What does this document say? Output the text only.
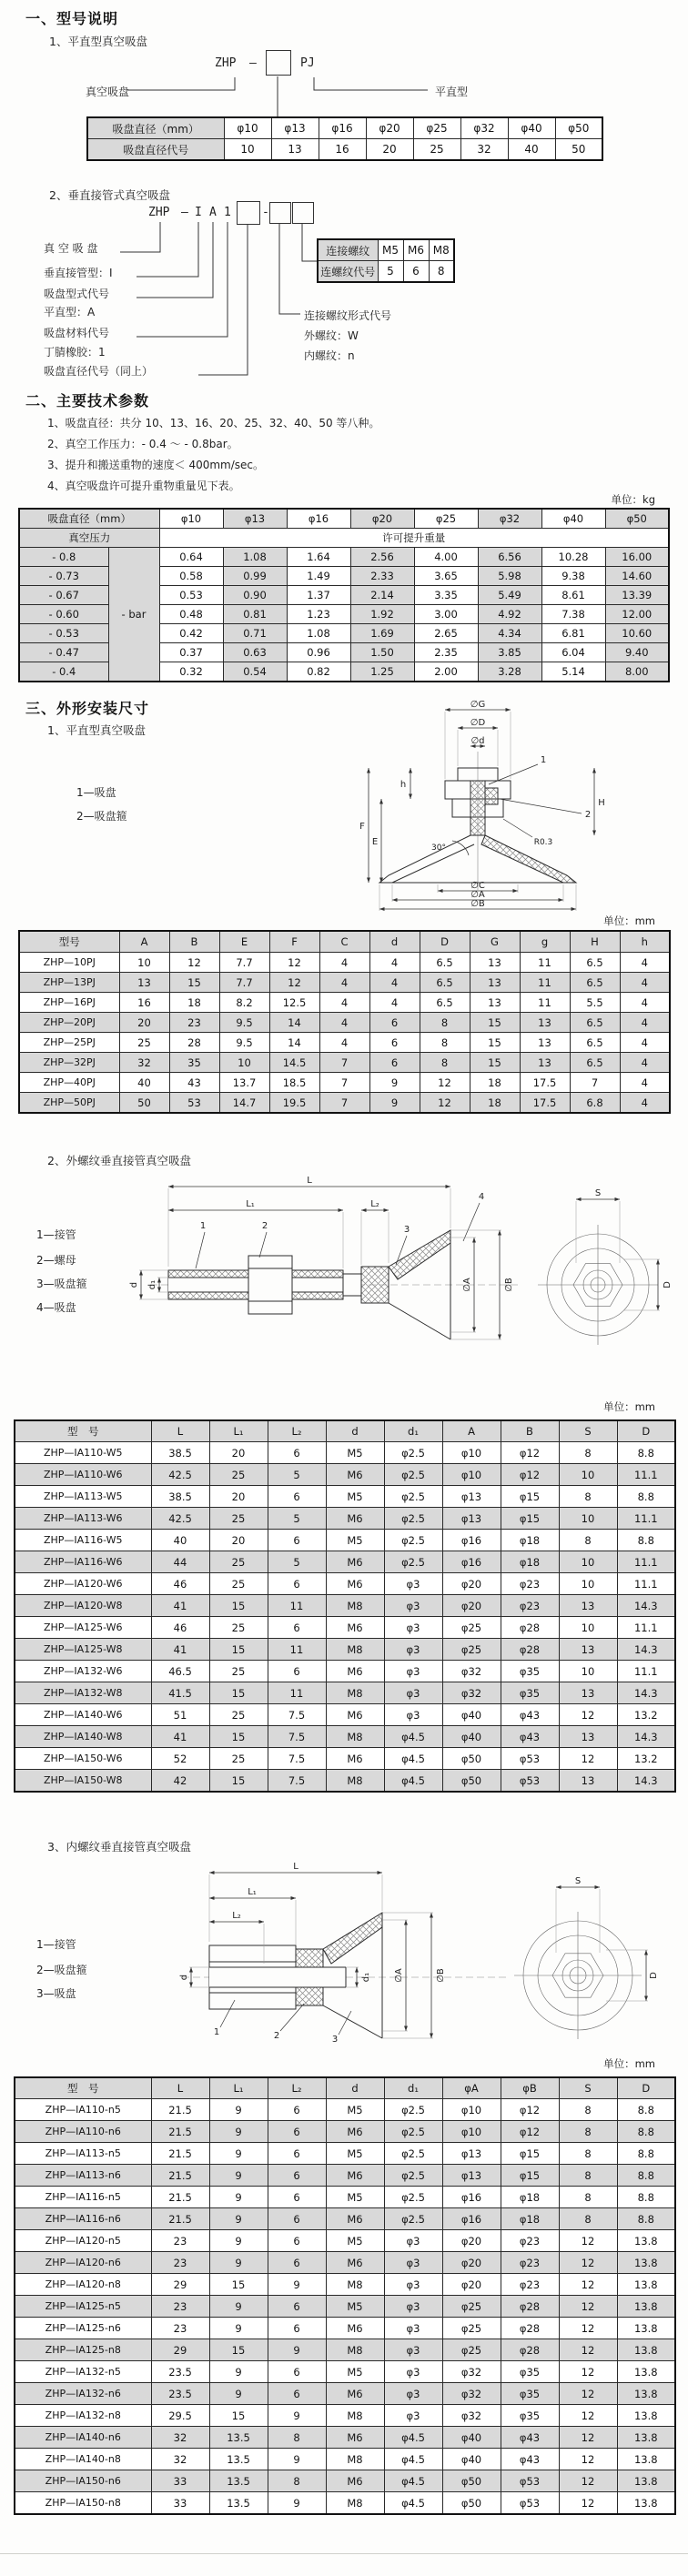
一、型号说明
1、平直型真空吸盘
ZHP —	PJ
真空吸盘	平直型
吸盘直径（mm）	φ10	φ13	φ16	φ20	φ25	φ32	φ40	φ50
吸盘直径代号	10	13	16	20	25	32	40	50
2、垂直接管式真空吸盘
ZHP — I A 1	-
真 空 吸 盘
垂直接管型：I
吸盘型式代号
平直型：A
吸盘材料代号
丁腈橡胶：1
吸盘直径代号（同上）
连接螺纹	M5	M6	M8
连螺纹代号	5	6	8
连接螺纹形式代号
外螺纹：W
内螺纹：n
二、主要技术参数
1、吸盘直径：共分 10、13、16、20、25、32、40、50 等八种。
2、真空工作压力：- 0.4 ～ - 0.8bar。
3、提升和搬送重物的速度＜ 400mm/sec。
4、真空吸盘许可提升重物重量见下表。
单位：kg
吸盘直径（mm）		φ10	φ13	φ16	φ20	φ25	φ32	φ40	φ50
真空压力		许可提升重量							
- 0.8	- bar	0.64	1.08	1.64	2.56	4.00	6.56	10.28	16.00
- 0.73		0.58	0.99	1.49	2.33	3.65	5.98	9.38	14.60
- 0.67		0.53	0.90	1.37	2.14	3.35	5.49	8.61	13.39
- 0.60		0.48	0.81	1.23	1.92	3.00	4.92	7.38	12.00
- 0.53		0.42	0.71	1.08	1.69	2.65	4.34	6.81	10.60
- 0.47		0.37	0.63	0.96	1.50	2.35	3.85	6.04	9.40
- 0.4		0.32	0.54	0.82	1.25	2.00	3.28	5.14	8.00
三、外形安装尺寸
1、平直型真空吸盘
1—吸盘
2—吸盘箍
∅G
∅D
∅d
1
2
R0.3
30°
h
F
E
H
∅C
∅A
∅B
单位：mm
型号	A	B	E	F	C	d	D	G	g	H	h
ZHP—10PJ	10	12	7.7	12	4	4	6.5	13	11	6.5	4
ZHP—13PJ	13	15	7.7	12	4	4	6.5	13	11	6.5	4
ZHP—16PJ	16	18	8.2	12.5	4	4	6.5	13	11	5.5	4
ZHP—20PJ	20	23	9.5	14	4	6	8	15	13	6.5	4
ZHP—25PJ	25	28	9.5	14	4	6	8	15	13	6.5	4
ZHP—32PJ	32	35	10	14.5	7	6	8	15	13	6.5	4
ZHP—40PJ	40	43	13.7	18.5	7	9	12	18	17.5	7	4
ZHP—50PJ	50	53	14.7	19.5	7	9	12	18	17.5	6.8	4
2、外螺纹垂直接管真空吸盘
1—接管
2—螺母
3—吸盘箍
4—吸盘
L
L₁	L₂
1	2	3
4
d d₁	∅A	∅B
S
D
单位：mm
型　号	L	L₁	L₂	d	d₁	A	B	S	D
ZHP—IA110-W5	38.5	20	6	M5	φ2.5	φ10	φ12	8	8.8
ZHP—IA110-W6	42.5	25	5	M6	φ2.5	φ10	φ12	10	11.1
ZHP—IA113-W5	38.5	20	6	M5	φ2.5	φ13	φ15	8	8.8
ZHP—IA113-W6	42.5	25	5	M6	φ2.5	φ13	φ15	10	11.1
ZHP—IA116-W5	40	20	6	M5	φ2.5	φ16	φ18	8	8.8
ZHP—IA116-W6	44	25	5	M6	φ2.5	φ16	φ18	10	11.1
ZHP—IA120-W6	46	25	6	M6	φ3	φ20	φ23	10	11.1
ZHP—IA120-W8	41	15	11	M8	φ3	φ20	φ23	13	14.3
ZHP—IA125-W6	46	25	6	M6	φ3	φ25	φ28	10	11.1
ZHP—IA125-W8	41	15	11	M8	φ3	φ25	φ28	13	14.3
ZHP—IA132-W6	46.5	25	6	M6	φ3	φ32	φ35	10	11.1
ZHP—IA132-W8	41.5	15	11	M8	φ3	φ32	φ35	13	14.3
ZHP—IA140-W6	51	25	7.5	M6	φ3	φ40	φ43	12	13.2
ZHP—IA140-W8	41	15	7.5	M8	φ4.5	φ40	φ43	13	14.3
ZHP—IA150-W6	52	25	7.5	M6	φ4.5	φ50	φ53	12	13.2
ZHP—IA150-W8	42	15	7.5	M8	φ4.5	φ50	φ53	13	14.3
3、内螺纹垂直接管真空吸盘
1—接管
2—吸盘箍
3—吸盘
L
L₁
L₂
1	2	3
d	d₁	∅A	∅B
S
D
单位：mm
型　号	L	L₁	L₂	d	d₁	φA	φB	S	D
ZHP—IA110-n5	21.5	9	6	M5	φ2.5	φ10	φ12	8	8.8
ZHP—IA110-n6	21.5	9	6	M6	φ2.5	φ10	φ12	8	8.8
ZHP—IA113-n5	21.5	9	6	M5	φ2.5	φ13	φ15	8	8.8
ZHP—IA113-n6	21.5	9	6	M6	φ2.5	φ13	φ15	8	8.8
ZHP—IA116-n5	21.5	9	6	M5	φ2.5	φ16	φ18	8	8.8
ZHP—IA116-n6	21.5	9	6	M6	φ2.5	φ16	φ18	8	8.8
ZHP—IA120-n5	23	9	6	M5	φ3	φ20	φ23	12	13.8
ZHP—IA120-n6	23	9	6	M6	φ3	φ20	φ23	12	13.8
ZHP—IA120-n8	29	15	9	M8	φ3	φ20	φ23	12	13.8
ZHP—IA125-n5	23	9	6	M5	φ3	φ25	φ28	12	13.8
ZHP—IA125-n6	23	9	6	M6	φ3	φ25	φ28	12	13.8
ZHP—IA125-n8	29	15	9	M8	φ3	φ25	φ28	12	13.8
ZHP—IA132-n5	23.5	9	6	M5	φ3	φ32	φ35	12	13.8
ZHP—IA132-n6	23.5	9	6	M6	φ3	φ32	φ35	12	13.8
ZHP—IA132-n8	29.5	15	9	M8	φ3	φ32	φ35	12	13.8
ZHP—IA140-n6	32	13.5	8	M6	φ4.5	φ40	φ43	12	13.8
ZHP—IA140-n8	32	13.5	9	M8	φ4.5	φ40	φ43	12	13.8
ZHP—IA150-n6	33	13.5	8	M6	φ4.5	φ50	φ53	12	13.8
ZHP—IA150-n8	33	13.5	9	M8	φ4.5	φ50	φ53	12	13.8
